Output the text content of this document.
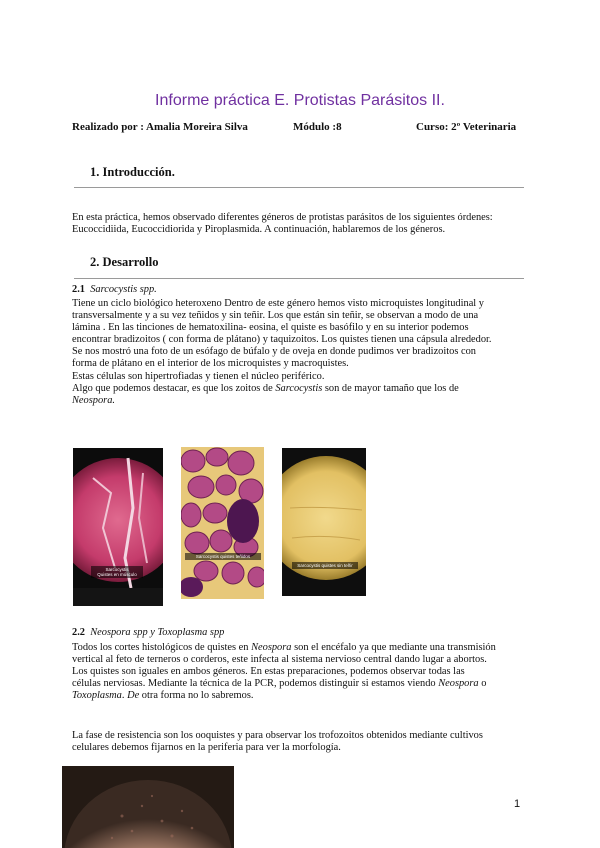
Informe práctica E. Protistas Parásitos II.
Realizado por : Amalia Moreira Silva	Módulo :8	Curso: 2º Veterinaria
1. Introducción.
En esta práctica, hemos observado diferentes géneros de protistas parásitos de los siguientes órdenes:
Eucoccidiida, Eucoccidiorida y Piroplasmida. A continuación, hablaremos de los géneros.
2. Desarrollo
2.1 Sarcocystis spp.
Tiene un ciclo biológico heteroxeno Dentro de este género hemos visto microquistes longitudinal y
transversalmente y a su vez teñidos y sin teñir. Los que están sin teñir, se observan a modo de una
lámina . En las tinciones de hematoxilina- eosina, el quiste es basófilo y en su interior podemos
encontrar bradizoitos ( con forma de plátano) y taquizoitos. Los quistes tienen una cápsula alrededor.
Se nos mostró una foto de un esófago de búfalo y de oveja en donde pudimos ver bradizoitos con
forma de plátano en el interior de los microquistes y macroquistes.
Estas células son hipertrofiadas y tienen el núcleo periférico.
Algo que podemos destacar, es que los zoitos de Sarcocystis son de mayor tamaño que los de
Neospora.
Sarcocystis
Quistes en músculo
Sarcocystis quistes teñidos
Sarcocystis quistes sin teñir
2.2 Neospora spp y Toxoplasma spp
Todos los cortes histológicos de quistes en Neospora son el encéfalo ya que mediante una transmisión
vertical al feto de terneros o corderos, este infecta al sistema nervioso central dando lugar a abortos.
Los quistes son iguales en ambos géneros. En estas preparaciones, podemos observar todas las
células nerviosas. Mediante la técnica de la PCR, podemos distinguir si estamos viendo Neospora o
Toxoplasma. De otra forma no lo sabremos.
La fase de resistencia son los ooquistes y para observar los trofozoitos obtenidos mediante cultivos
celulares debemos fijarnos en la periferia para ver la morfología.
1
